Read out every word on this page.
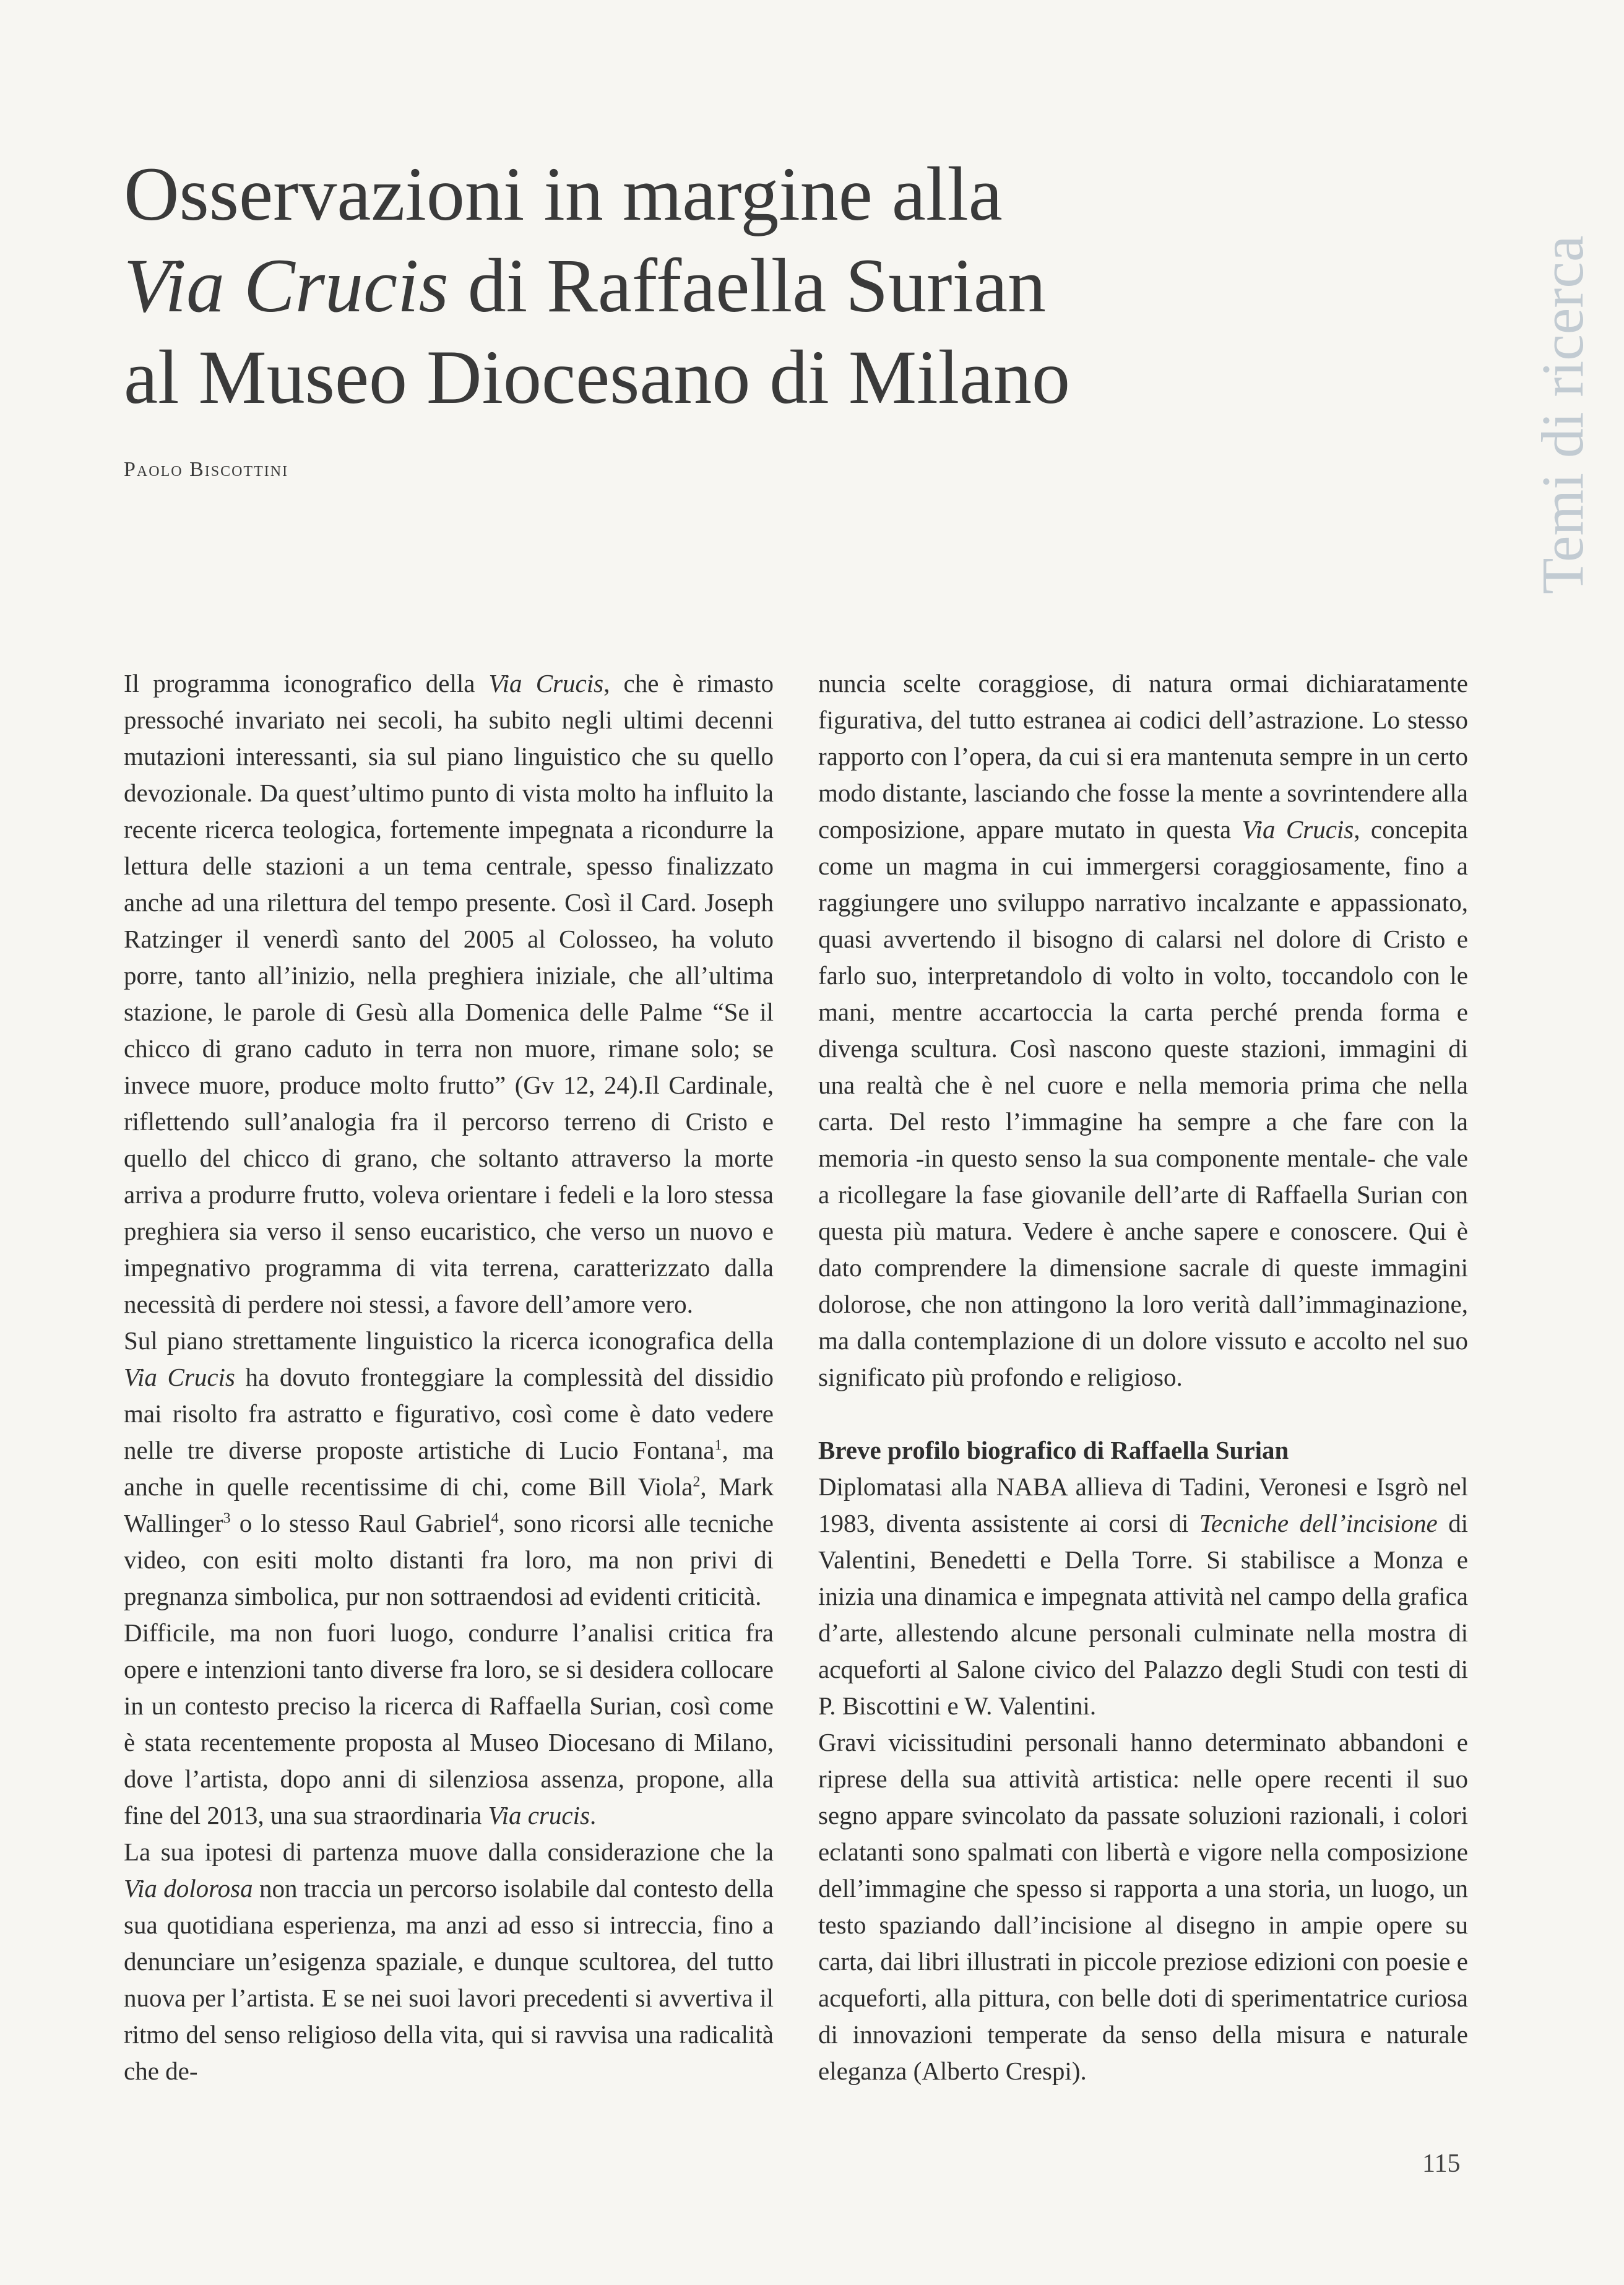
Osservazioni in margine alla
Via Crucis di Raffaella Surian
al Museo Diocesano di Milano
Paolo Biscottini	Temi di ricerca

Il programma iconografico della Via Crucis, che è rimasto pressoché invariato nei secoli, ha subito negli ultimi decenni mutazioni interessanti, sia sul piano linguistico che su quello devozionale. Da quest’ultimo punto di vista molto ha influito la recente ricerca teologica, fortemente impegnata a ricondurre la lettura delle stazioni a un tema centrale, spesso finalizzato anche ad una rilettura del tempo presente. Così il Card. Joseph Ratzinger il venerdì santo del 2005 al Colosseo, ha voluto porre, tanto all’inizio, nella preghiera iniziale, che all’ultima stazione, le parole di Gesù alla Domenica delle Palme “Se il chicco di grano caduto in terra non muore, rimane solo; se invece muore, produce molto frutto” (Gv 12, 24).Il Cardinale, riflettendo sull’analogia fra il percorso terreno di Cristo e quello del chicco di grano, che soltanto attraverso la morte arriva a produrre frutto, voleva orientare i fedeli e la loro stessa preghiera sia verso il senso eucaristico, che verso un nuovo e impegnativo programma di vita terrena, caratterizzato dalla necessità di perdere noi stessi, a favore dell’amore vero.

Sul piano strettamente linguistico la ricerca iconografica della Via Crucis ha dovuto fronteggiare la complessità del dissidio mai risolto fra astratto e figurativo, così come è dato vedere nelle tre diverse proposte artistiche di Lucio Fontana$^1$, ma anche in quelle recentissime di chi, come Bill Viola$^2$, Mark Wallinger$^3$ o lo stesso Raul Gabriel$^4$, sono ricorsi alle tecniche video, con esiti molto distanti fra loro, ma non privi di pregnanza simbolica, pur non sottraendosi ad evidenti criticità.

Difficile, ma non fuori luogo, condurre l’analisi critica fra opere e intenzioni tanto diverse fra loro, se si desidera collocare in un contesto preciso la ricerca di Raffaella Surian, così come è stata recentemente proposta al Museo Diocesano di Milano, dove l’artista, dopo anni di silenziosa assenza, propone, alla fine del 2013, una sua straordinaria Via crucis.

La sua ipotesi di partenza muove dalla considerazione che la Via dolorosa non traccia un percorso isolabile dal contesto della sua quotidiana esperienza, ma anzi ad esso si intreccia, fino a denunciare un’esigenza spaziale, e dunque scultorea, del tutto nuova per l’artista. E se nei suoi lavori precedenti si avvertiva il ritmo del senso religioso della vita, qui si ravvisa una radicalità che de-

nuncia scelte coraggiose, di natura ormai dichiaratamente figurativa, del tutto estranea ai codici dell’astrazione. Lo stesso rapporto con l’opera, da cui si era mantenuta sempre in un certo modo distante, lasciando che fosse la mente a sovrintendere alla composizione, appare mutato in questa Via Crucis, concepita come un magma in cui immergersi coraggiosamente, fino a raggiungere uno sviluppo narrativo incalzante e appassionato, quasi avvertendo il bisogno di calarsi nel dolore di Cristo e farlo suo, interpretandolo di volto in volto, toccandolo con le mani, mentre accartoccia la carta perché prenda forma e divenga scultura. Così nascono queste stazioni, immagini di una realtà che è nel cuore e nella memoria prima che nella carta. Del resto l’immagine ha sempre a che fare con la memoria -in questo senso la sua componente mentale- che vale a ricollegare la fase giovanile dell’arte di Raffaella Surian con questa più matura. Vedere è anche sapere e conoscere. Qui è dato comprendere la dimensione sacrale di queste immagini dolorose, che non attingono la loro verità dall’immaginazione, ma dalla contemplazione di un dolore vissuto e accolto nel suo significato più profondo e religioso.

Breve profilo biografico di Raffaella Surian

Diplomatasi alla NABA allieva di Tadini, Veronesi e Isgrò nel 1983, diventa assistente ai corsi di Tecniche dell’incisione di Valentini, Benedetti e Della Torre. Si stabilisce a Monza e inizia una dinamica e impegnata attività nel campo della grafica d’arte, allestendo alcune personali culminate nella mostra di acqueforti al Salone civico del Palazzo degli Studi con testi di P. Biscottini e W. Valentini.

Gravi vicissitudini personali hanno determinato abbandoni e riprese della sua attività artistica: nelle opere recenti il suo segno appare svincolato da passate soluzioni razionali, i colori eclatanti sono spalmati con libertà e vigore nella composizione dell’immagine che spesso si rapporta a una storia, un luogo, un testo spaziando dall’incisione al disegno in ampie opere su carta, dai libri illustrati in piccole preziose edizioni con poesie e acqueforti, alla pittura, con belle doti di sperimentatrice curiosa di innovazioni temperate da senso della misura e naturale eleganza (Alberto Crespi).

115
